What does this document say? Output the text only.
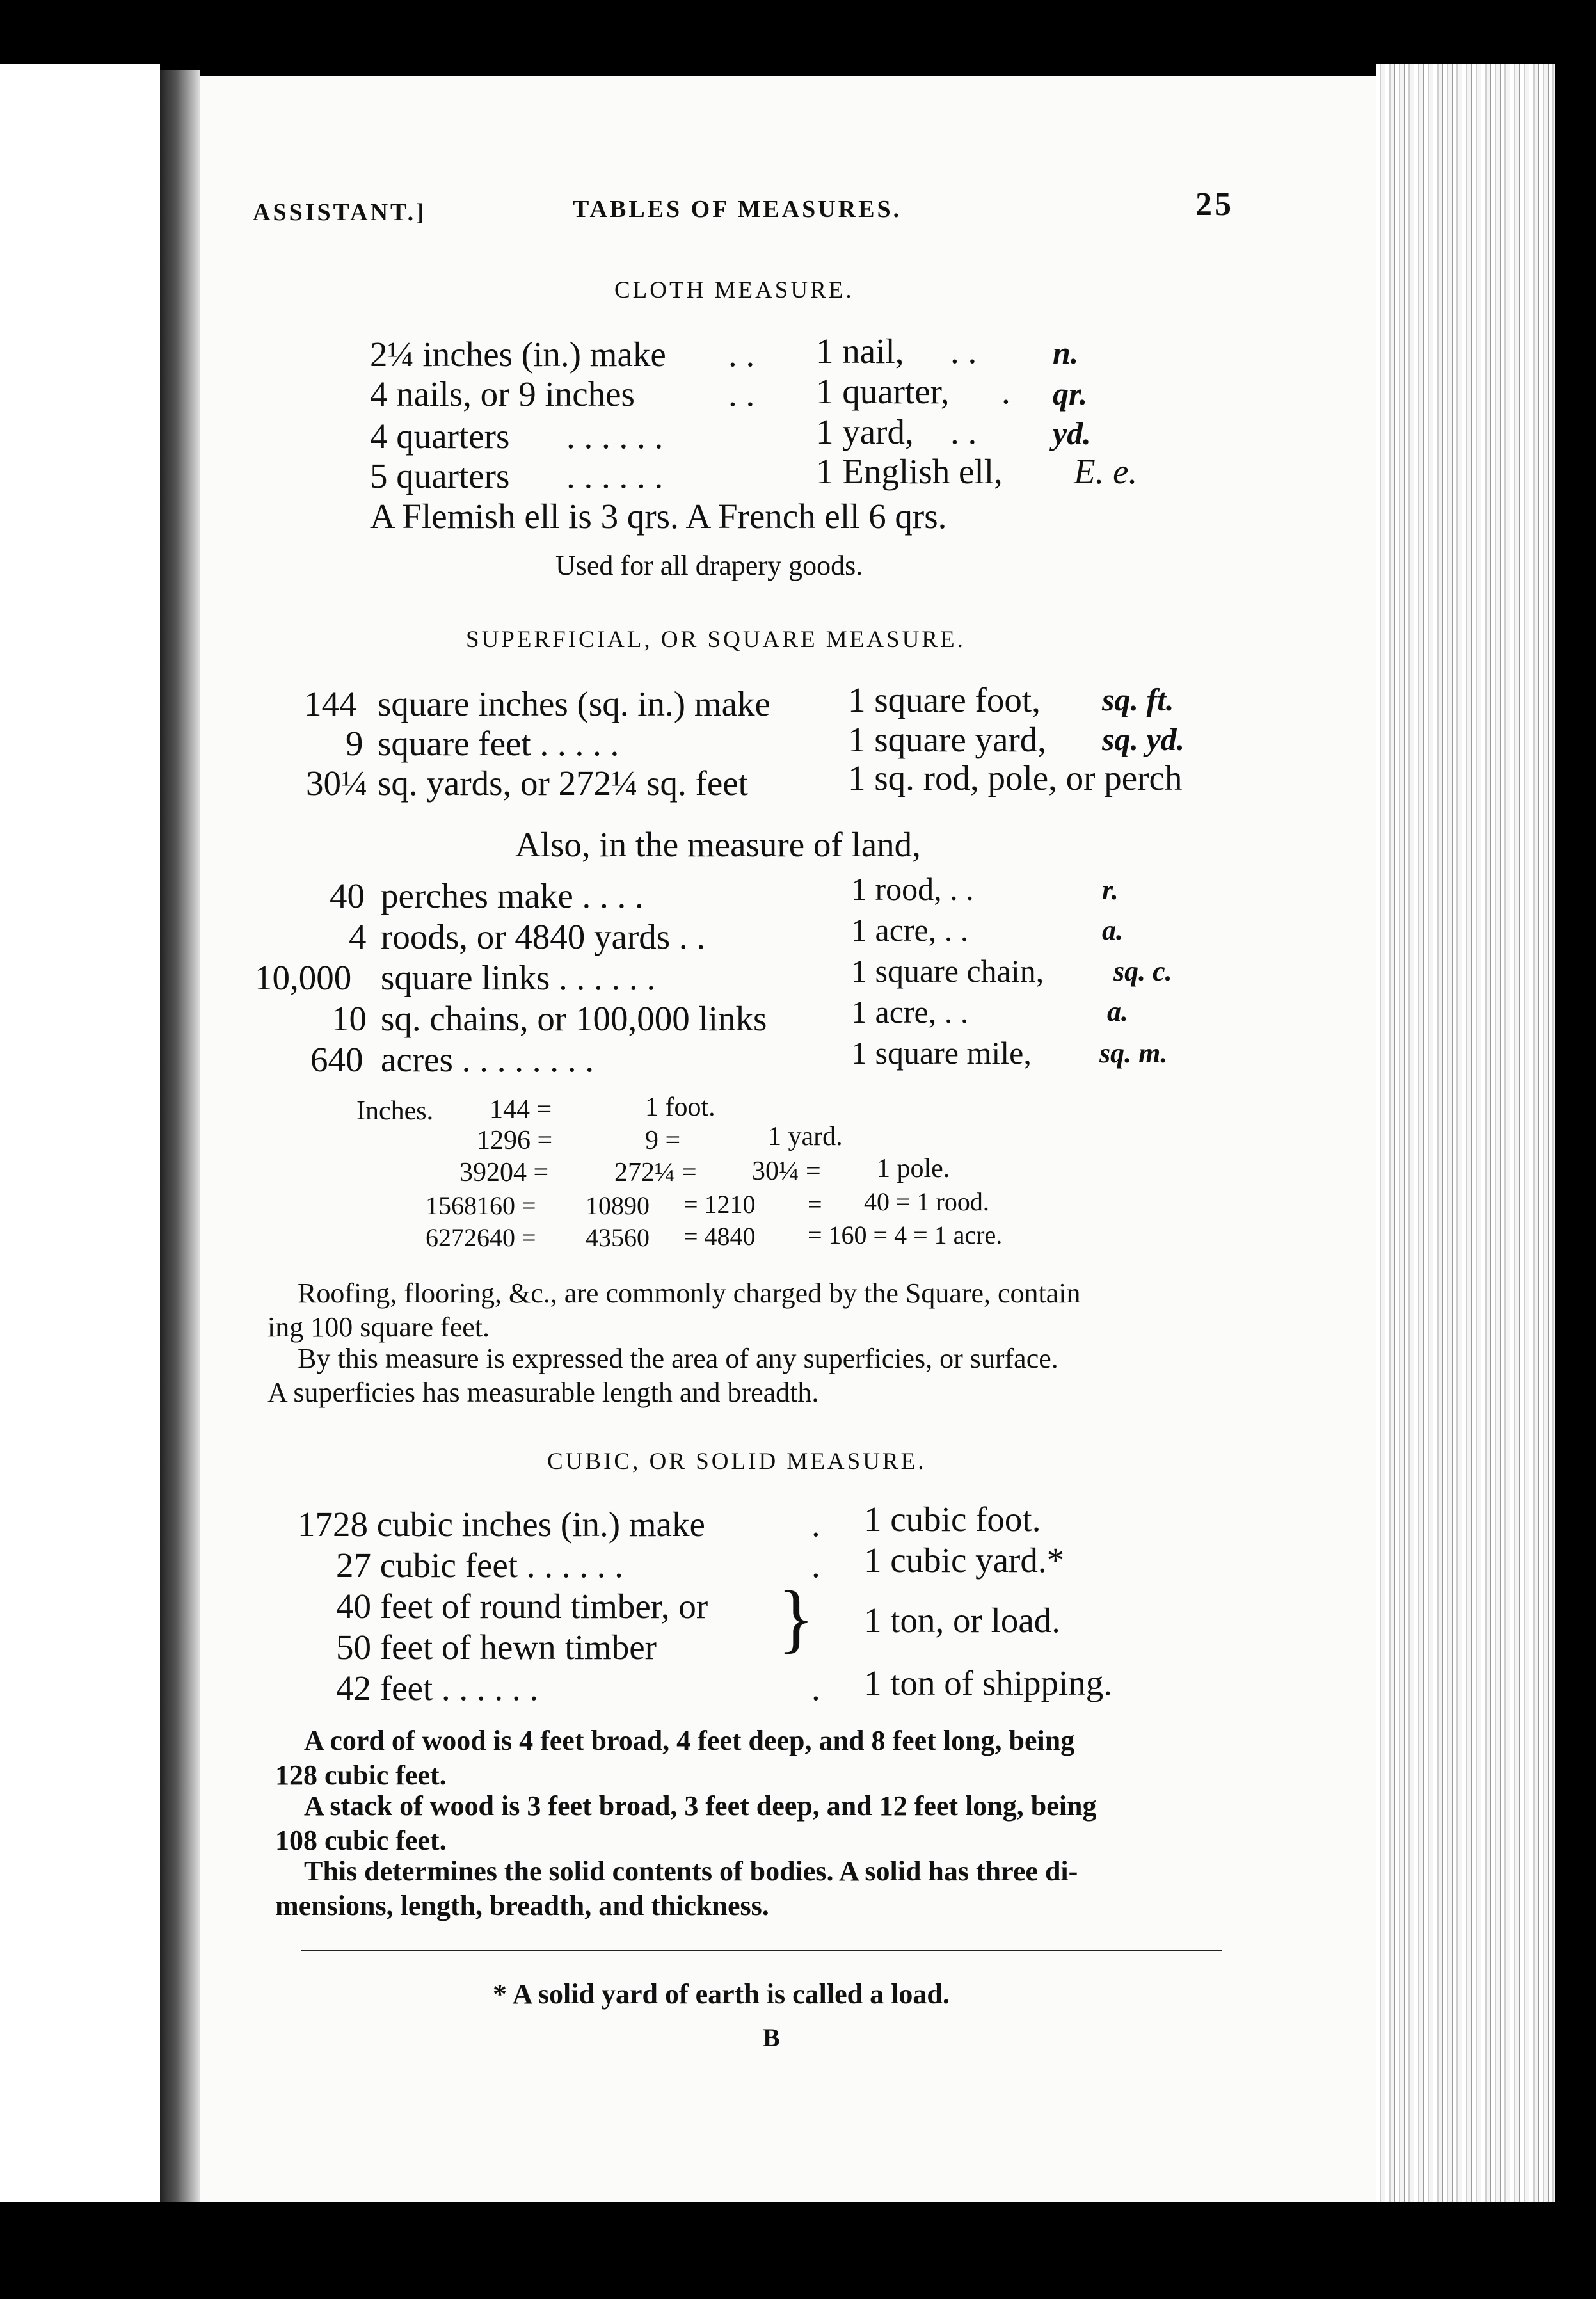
ASSISTANT.]	TABLES OF MEASURES.	25
CLOTH MEASURE.
2¼ inches (in.) make . . 1 nail, . . n.
4 nails, or 9 inches	. . 1 quarter, . qr.
4 quarters . . . . . .	1 yard, . . yd.
5 quarters . . . . . .	1 English ell, E. e.
A Flemish ell is 3 qrs. A French ell 6 qrs.
Used for all drapery goods.
SUPERFICIAL, OR SQUARE MEASURE.
144 square inches (sq. in.) make 1 square foot, sq. ft.
9 square feet . . . . .	1 square yard, sq. yd.
30¼ sq. yards, or 272¼ sq. feet	1 sq. rod, pole, or perch
Also, in the measure of land,
40 perches make . . . .	1 rood, . .	r.
4 roods, or 4840 yards . .	1 acre, . .	a.
10,000 square links . . . . . .	1 square chain, sq. c.
10 sq. chains, or 100,000 links	1 acre, . .	a.
640 acres . . . . . . . .	1 square mile, sq. m.
Inches. 144 =	1 foot.
1296 =	9 =	1 yard.
39204 = 272¼ = 30¼ = 1 pole.
1568160 = 10890 = 1210 = 40 = 1 rood.
6272640 = 43560 = 4840 = 160 = 4 = 1 acre.
Roofing, flooring, &c., are commonly charged by the Square, contain
ing 100 square feet.
By this measure is expressed the area of any superficies, or surface.
A superficies has measurable length and breadth.
CUBIC, OR SOLID MEASURE.
1728 cubic inches (in.) make	. 1 cubic foot.
27 cubic feet . . . . . .	. 1 cubic yard.*
40 feet of round timber, or
50 feet of hewn timber } 1 ton, or load.
42 feet . . . . . .	. 1 ton of shipping.
A cord of wood is 4 feet broad, 4 feet deep, and 8 feet long, being
128 cubic feet.
A stack of wood is 3 feet broad, 3 feet deep, and 12 feet long, being
108 cubic feet.
This determines the solid contents of bodies. A solid has three di-
mensions, length, breadth, and thickness.
* A solid yard of earth is called a load.
B
